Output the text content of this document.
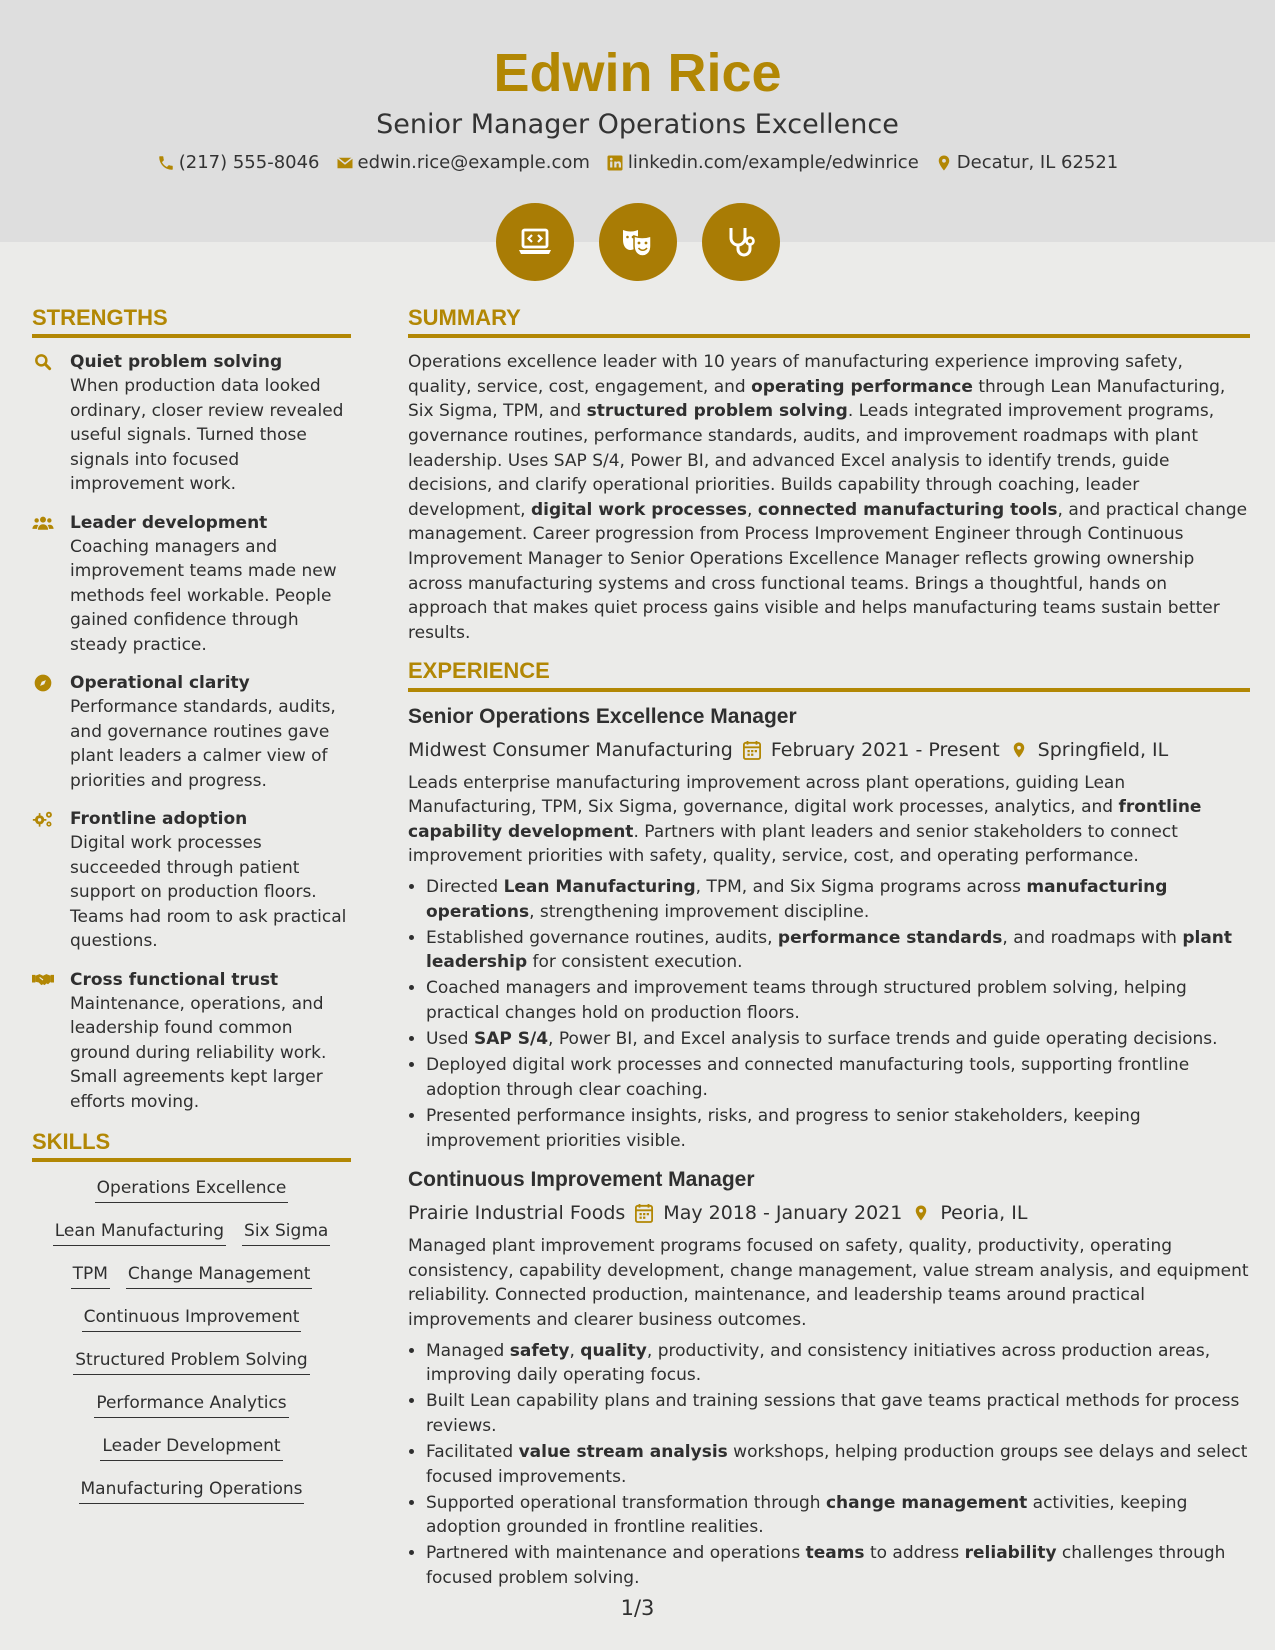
Edwin Rice
Senior Manager Operations Excellence
(217) 555-8046 edwin.rice@example.com linkedin.com/example/edwinrice Decatur, IL 62521
STRENGTHS
Quiet problem solving
When production data looked ordinary, closer review revealed useful signals. Turned those signals into focused improvement work.
Leader development
Coaching managers and improvement teams made new methods feel workable. People gained confidence through steady practice.
Operational clarity
Performance standards, audits, and governance routines gave plant leaders a calmer view of priorities and progress.
Frontline adoption
Digital work processes succeeded through patient support on production floors. Teams had room to ask practical questions.
Cross functional trust
Maintenance, operations, and leadership found common ground during reliability work. Small agreements kept larger efforts moving.
SKILLS
Operations Excellence
Lean Manufacturing Six Sigma
TPM Change Management
Continuous Improvement
Structured Problem Solving
Performance Analytics
Leader Development
Manufacturing Operations
SUMMARY

Operations excellence leader with 10 years of manufacturing experience improving safety, quality, service, cost, engagement, and operating performance through Lean Manufacturing, Six Sigma, TPM, and structured problem solving. Leads integrated improvement programs, governance routines, performance standards, audits, and improvement roadmaps with plant leadership. Uses SAP S/4, Power BI, and advanced Excel analysis to identify trends, guide decisions, and clarify operational priorities. Builds capability through coaching, leader development, digital work processes, connected manufacturing tools, and practical change management. Career progression from Process Improvement Engineer through Continuous Improvement Manager to Senior Operations Excellence Manager reflects growing ownership across manufacturing systems and cross functional teams. Brings a thoughtful, hands on approach that makes quiet process gains visible and helps manufacturing teams sustain better results.

EXPERIENCE
Senior Operations Excellence Manager
Midwest Consumer Manufacturing February 2021 - Present Springfield, IL

Leads enterprise manufacturing improvement across plant operations, guiding Lean Manufacturing, TPM, Six Sigma, governance, digital work processes, analytics, and frontline capability development. Partners with plant leaders and senior stakeholders to connect improvement priorities with safety, quality, service, cost, and operating performance.

• Directed Lean Manufacturing, TPM, and Six Sigma programs across manufacturing operations, strengthening improvement discipline.
• Established governance routines, audits, performance standards, and roadmaps with plant leadership for consistent execution.
• Coached managers and improvement teams through structured problem solving, helping practical changes hold on production floors.
• Used SAP S/4, Power BI, and Excel analysis to surface trends and guide operating decisions.
• Deployed digital work processes and connected manufacturing tools, supporting frontline adoption through clear coaching.
• Presented performance insights, risks, and progress to senior stakeholders, keeping improvement priorities visible.
Continuous Improvement Manager
Prairie Industrial Foods May 2018 - January 2021 Peoria, IL

Managed plant improvement programs focused on safety, quality, productivity, operating consistency, capability development, change management, value stream analysis, and equipment reliability. Connected production, maintenance, and leadership teams around practical improvements and clearer business outcomes.

• Managed safety, quality, productivity, and consistency initiatives across production areas, improving daily operating focus.
• Built Lean capability plans and training sessions that gave teams practical methods for process reviews.
• Facilitated value stream analysis workshops, helping production groups see delays and select focused improvements.
• Supported operational transformation through change management activities, keeping adoption grounded in frontline realities.
• Partnered with maintenance and operations teams to address reliability challenges through focused problem solving.
1/3
